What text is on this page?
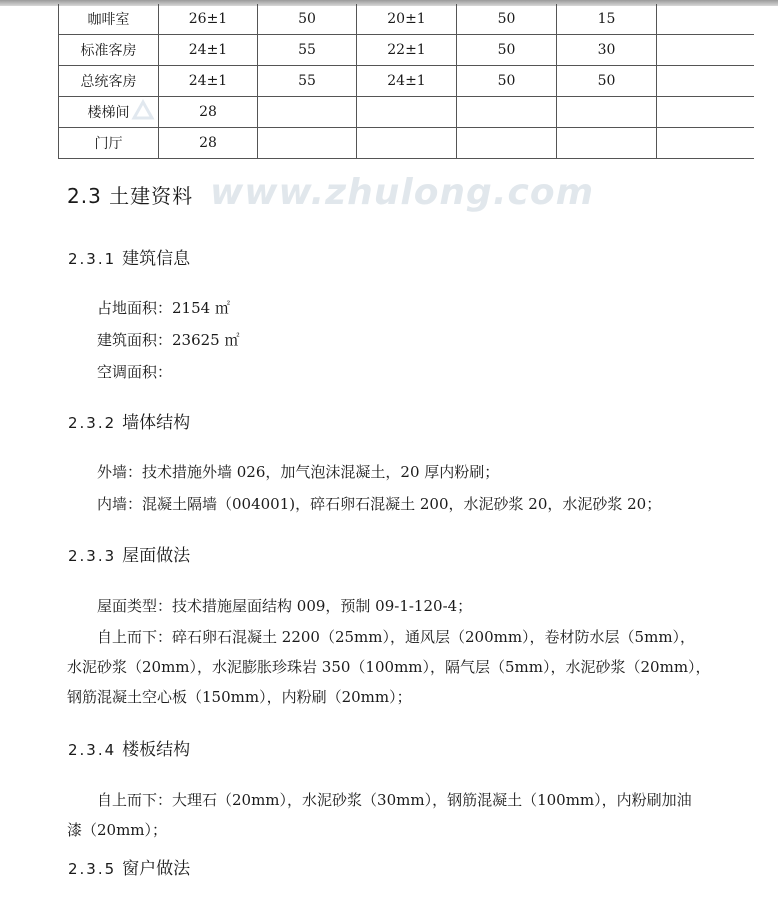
咖啡室	26±1	50	20±1	50	15	
标准客房	24±1	55	22±1	50	30	
总统客房	24±1	55	24±1	50	50	
楼梯间	28					
门厅	28					
www.zhulong.com
2.3 土建资料
2.3.1 建筑信息
占地面积：2154 ㎡
建筑面积：23625 ㎡
空调面积：
2.3.2 墙体结构
外墙：技术措施外墙 026，加气泡沫混凝土，20 厚内粉刷；
内墙：混凝土隔墙（004001)，碎石卵石混凝土 200，水泥砂浆 20，水泥砂浆 20；
2.3.3 屋面做法
屋面类型：技术措施屋面结构 009，预制 09-1-120-4；
自上而下：碎石卵石混凝土 2200（25mm），通风层（200mm），卷材防水层（5mm），
水泥砂浆（20mm），水泥膨胀珍珠岩 350（100mm），隔气层（5mm），水泥砂浆（20mm），
钢筋混凝土空心板（150mm），内粉刷（20mm）；
2.3.4 楼板结构
自上而下：大理石（20mm），水泥砂浆（30mm），钢筋混凝土（100mm），内粉刷加油
漆（20mm）；
2.3.5 窗户做法
